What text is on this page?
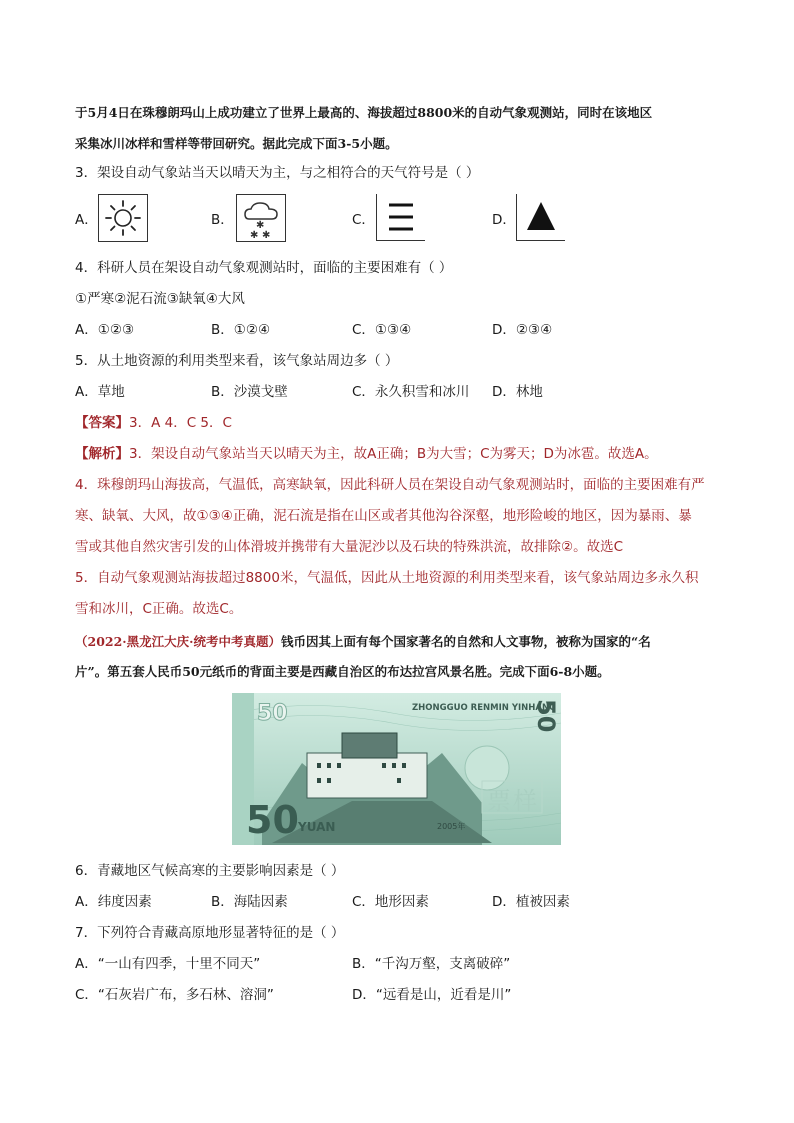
于5月4日在珠穆朗玛山上成功建立了世界上最高的、海拔超过8800米的自动气象观测站，同时在该地区
采集冰川冰样和雪样等带回研究。据此完成下面3-5小题。
3．架设自动气象站当天以晴天为主，与之相符合的天气符号是（ ）
A．	B． ✱
✱ ✱
C．	D．
4．科研人员在架设自动气象观测站时，面临的主要困难有（ ）
①严寒②泥石流③缺氧④大风
A．①②③	B．①②④	C．①③④	D．②③④
5．从土地资源的利用类型来看，该气象站周边多（ ）
A．草地	B．沙漠戈壁	C．永久积雪和冰川 D．林地
【答案】3．A 4．C 5．C
【解析】3．架设自动气象站当天以晴天为主，故A正确；B为大雪；C为雾天；D为冰雹。故选A。
4．珠穆朗玛山海拔高，气温低，高寒缺氧，因此科研人员在架设自动气象观测站时，面临的主要困难有严
寒、缺氧、大风，故①③④正确，泥石流是指在山区或者其他沟谷深壑，地形险峻的地区，因为暴雨、暴
雪或其他自然灾害引发的山体滑坡并携带有大量泥沙以及石块的特殊洪流，故排除②。故选C
5．自动气象观测站海拔超过8800米，气温低，因此从土地资源的利用类型来看，该气象站周边多永久积
雪和冰川，C正确。故选C。
（2022·黑龙江大庆·统考中考真题）钱币因其上面有每个国家著名的自然和人文事物，被称为国家的“名
片”。第五套人民币50元纸币的背面主要是西藏自治区的布达拉宫风景名胜。完成下面6-8小题。
50	ZHONGGUO RENMIN YINHANG
50
票样
50 YUAN	2005年
6．青藏地区气候高寒的主要影响因素是（ ）
A．纬度因素	B．海陆因素	C．地形因素	D．植被因素
7．下列符合青藏高原地形显著特征的是（ ）
A．“一山有四季，十里不同天”	B．“千沟万壑，支离破碎”
C．“石灰岩广布，多石林、溶洞”	D．“远看是山，近看是川”
